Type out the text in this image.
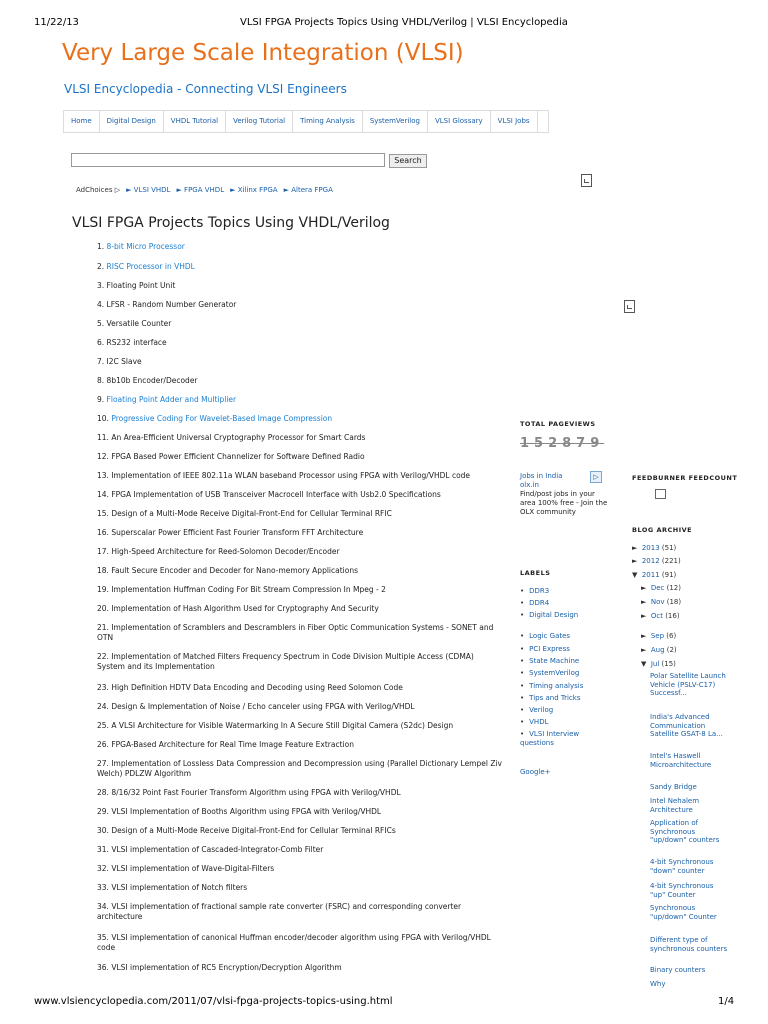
11/22/13	VLSI FPGA Projects Topics Using VHDL/Verilog | VLSI Encyclopedia
Very Large Scale Integration (VLSI)
VLSI Encyclopedia - Connecting VLSI Engineers
Home	Digital Design	VHDL Tutorial	Verilog Tutorial	Timing Analysis	SystemVerilog	VLSI Glossary	VLSI Jobs
Search
AdChoices ▷ ► VLSI VHDL ► FPGA VHDL ► Xilinx FPGA ► Altera FPGA
VLSI FPGA Projects Topics Using VHDL/Verilog
1. 8-bit Micro Processor
2. RISC Processor in VHDL
3. Floating Point Unit
4. LFSR - Random Number Generator
5. Versatile Counter
6. RS232 interface
7. I2C Slave
8. 8b10b Encoder/Decoder
9. Floating Point Adder and Multiplier
10. Progressive Coding For Wavelet-Based Image Compression
11. An Area-Efficient Universal Cryptography Processor for Smart Cards
12. FPGA Based Power Efficient Channelizer for Software Defined Radio
13. Implementation of IEEE 802.11a WLAN baseband Processor using FPGA with Verilog/VHDL code
14. FPGA Implementation of USB Transceiver Macrocell Interface with Usb2.0 Specifications
15. Design of a Multi-Mode Receive Digital-Front-End for Cellular Terminal RFIC
16. Superscalar Power Efficient Fast Fourier Transform FFT Architecture
17. High-Speed Architecture for Reed-Solomon Decoder/Encoder
18. Fault Secure Encoder and Decoder for Nano-memory Applications
19. Implementation Huffman Coding For Bit Stream Compression In Mpeg - 2
20. Implementation of Hash Algorithm Used for Cryptography And Security
21. Implementation of Scramblers and Descramblers in Fiber Optic Communication Systems - SONET and OTN
22. Implementation of Matched Filters Frequency Spectrum in Code Division Multiple Access (CDMA) System and its Implementation
23. High Definition HDTV Data Encoding and Decoding using Reed Solomon Code
24. Design & Implementation of Noise / Echo canceler using FPGA with Verilog/VHDL
25. A VLSI Architecture for Visible Watermarking In A Secure Still Digital Camera (S2dc) Design
26. FPGA-Based Architecture for Real Time Image Feature Extraction
27. Implementation of Lossless Data Compression and Decompression using (Parallel Dictionary Lempel Ziv Welch) PDLZW Algorithm
28. 8/16/32 Point Fast Fourier Transform Algorithm using FPGA with Verilog/VHDL
29. VLSI Implementation of Booths Algorithm using FPGA with Verilog/VHDL
30. Design of a Multi-Mode Receive Digital-Front-End for Cellular Terminal RFICs
31. VLSI implementation of Cascaded-Integrator-Comb Filter
32. VLSI implementation of Wave-Digital-Filters
33. VLSI implementation of Notch filters
34. VLSI implementation of fractional sample rate converter (FSRC) and corresponding converter architecture
35. VLSI implementation of canonical Huffman encoder/decoder algorithm using FPGA with Verilog/VHDL code
36. VLSI implementation of RC5 Encryption/Decryption Algorithm
TOTAL PAGEVIEWS
152879
Jobs in India
olx.in
Find/post jobs in your area 100% free - Join the OLX community
▷
LABELS
• DDR3
• DDR4
• Digital Design
• Logic Gates
• PCI Express
• State Machine
• SystemVerilog
• Timing analysis
• Tips and Tricks
• Verilog
• VHDL
• VLSI Interview questions
Google+
FEEDBURNER FEEDCOUNT
BLOG ARCHIVE
► 2013 (51)
► 2012 (221)
▼ 2011 (91)
► Dec (12)
► Nov (18)
► Oct (16)
► Sep (6)
► Aug (2)
▼ Jul (15)
Polar Satellite Launch Vehicle (PSLV-C17) Successf...
India's Advanced Communication Satellite GSAT-8 La...
Intel's Haswell Microarchitecture
Sandy Bridge
Intel Nehalem Architecture
Application of Synchronous "up/down" counters
4-bit Synchronous "down" counter
4-bit Synchronous "up" Counter
Synchronous "up/down" Counter
Different type of synchronous counters
Binary counters
Why
www.vlsiencyclopedia.com/2011/07/vlsi-fpga-projects-topics-using.html	1/4
